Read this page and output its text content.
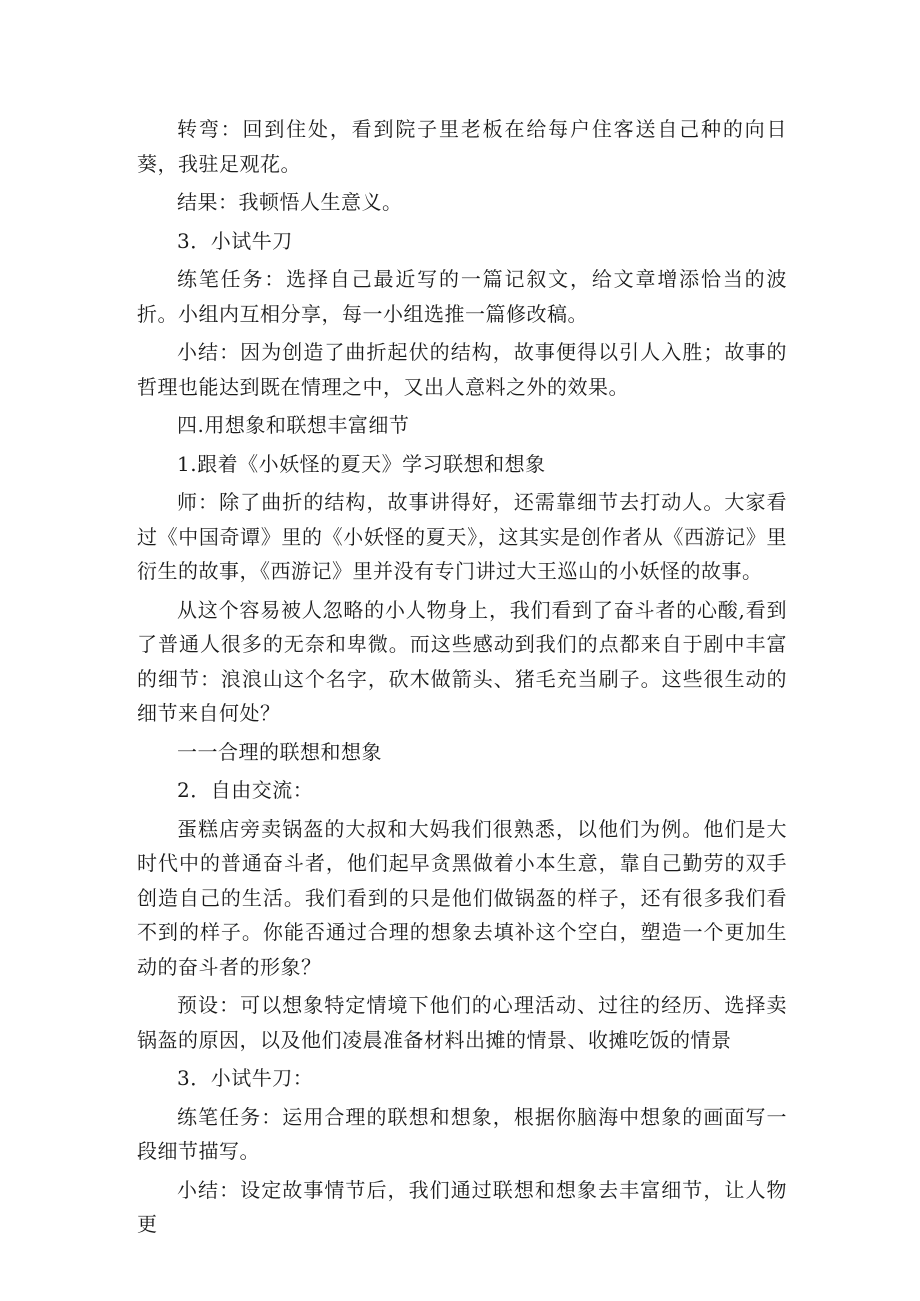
转弯：回到住处，看到院子里老板在给每户住客送自己种的向日葵，我驻足观花。

结果：我顿悟人生意义。

3．小试牛刀

练笔任务：选择自己最近写的一篇记叙文，给文章增添恰当的波折。小组内互相分享，每一小组选推一篇修改稿。

小结：因为创造了曲折起伏的结构，故事便得以引人入胜；故事的哲理也能达到既在情理之中，又出人意料之外的效果。

四.用想象和联想丰富细节

1.跟着《小妖怪的夏天》学习联想和想象

师：除了曲折的结构，故事讲得好，还需靠细节去打动人。大家看过《中国奇谭》里的《小妖怪的夏天》，这其实是创作者从《西游记》里衍生的故事，《西游记》里并没有专门讲过大王巡山的小妖怪的故事。

从这个容易被人忽略的小人物身上，我们看到了奋斗者的心酸,看到了普通人很多的无奈和卑微。而这些感动到我们的点都来自于剧中丰富的细节：浪浪山这个名字，砍木做箭头、猪毛充当刷子。这些很生动的细节来自何处？

一一合理的联想和想象

2．自由交流：

蛋糕店旁卖锅盔的大叔和大妈我们很熟悉，以他们为例。他们是大时代中的普通奋斗者，他们起早贪黑做着小本生意，靠自己勤劳的双手创造自己的生活。我们看到的只是他们做锅盔的样子，还有很多我们看不到的样子。你能否通过合理的想象去填补这个空白，塑造一个更加生动的奋斗者的形象？

预设：可以想象特定情境下他们的心理活动、过往的经历、选择卖锅盔的原因，以及他们凌晨准备材料出摊的情景、收摊吃饭的情景

3．小试牛刀：

练笔任务：运用合理的联想和想象，根据你脑海中想象的画面写一段细节描写。

小结：设定故事情节后，我们通过联想和想象去丰富细节，让人物更
